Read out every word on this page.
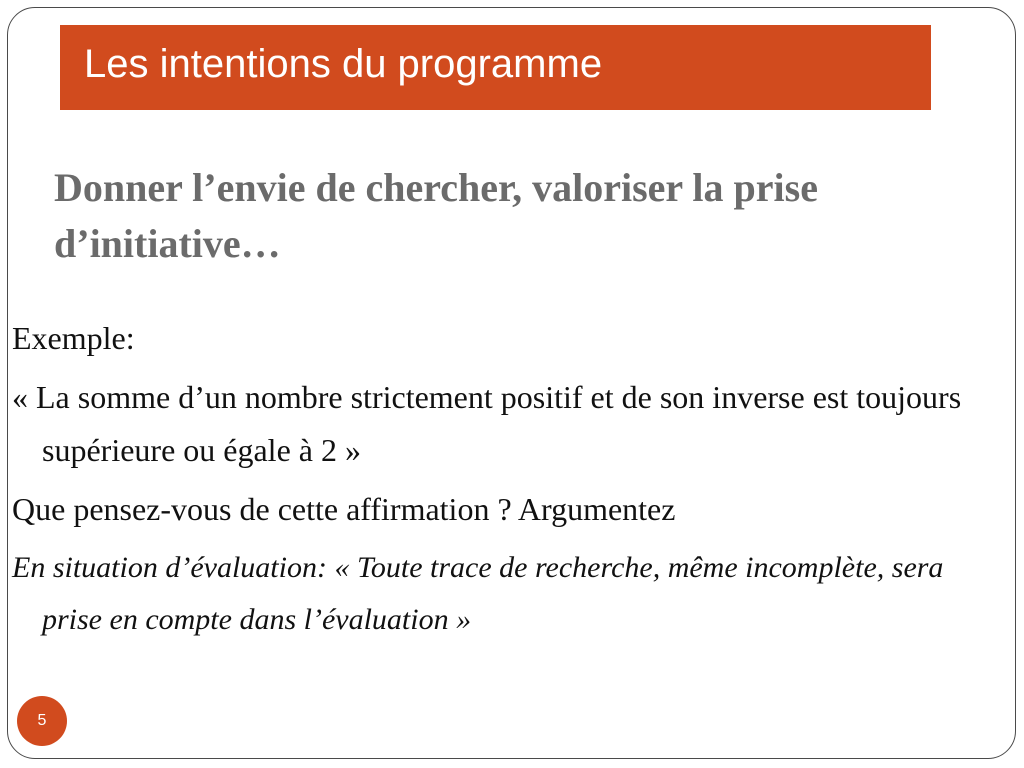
Les intentions du programme
Donner l’envie de chercher, valoriser la prise d’initiative…

Exemple:

« La somme d’un nombre strictement positif et de son inverse est toujours supérieure ou égale à 2 »

Que pensez-vous de cette affirmation ? Argumentez

En situation d’évaluation: « Toute trace de recherche, même incomplète, sera prise en compte dans l’évaluation »

5
